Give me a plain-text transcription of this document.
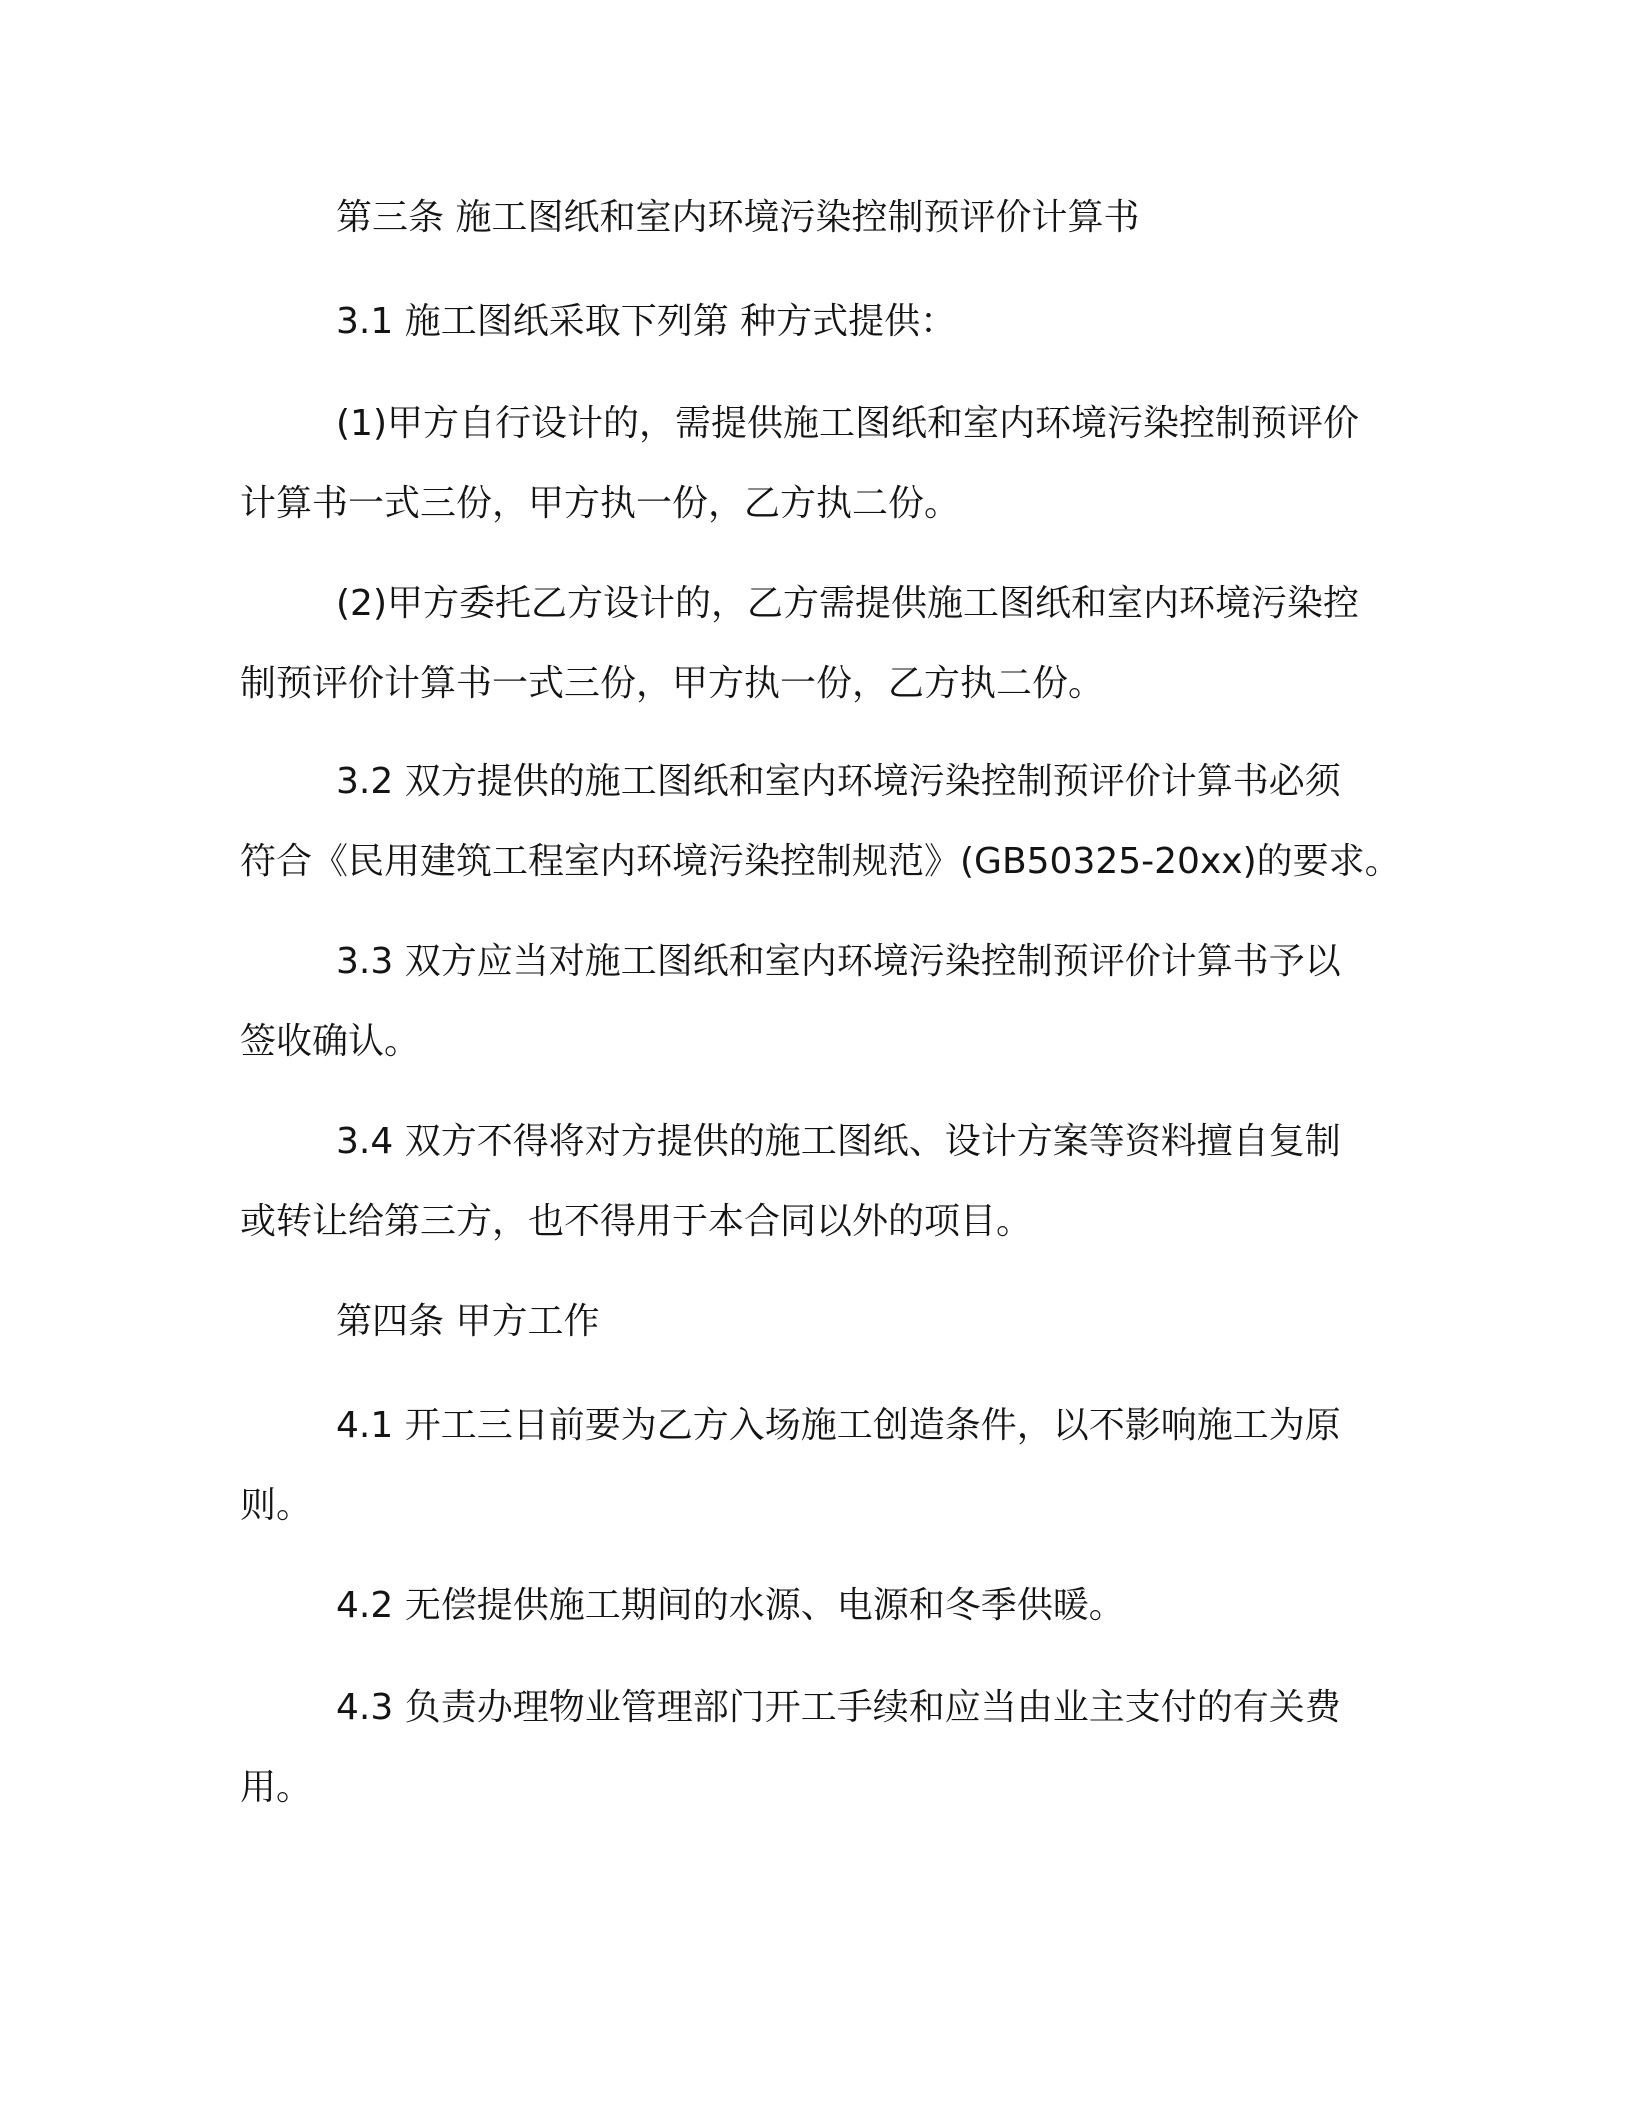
第三条 施工图纸和室内环境污染控制预评价计算书

3.1 施工图纸采取下列第 种方式提供：

(1)甲方自行设计的，需提供施工图纸和室内环境污染控制预评价
计算书一式三份，甲方执一份，乙方执二份。

(2)甲方委托乙方设计的，乙方需提供施工图纸和室内环境污染控
制预评价计算书一式三份，甲方执一份，乙方执二份。

3.2 双方提供的施工图纸和室内环境污染控制预评价计算书必须
符合《民用建筑工程室内环境污染控制规范》(GB50325-20xx)的要求。

3.3 双方应当对施工图纸和室内环境污染控制预评价计算书予以
签收确认。

3.4 双方不得将对方提供的施工图纸、设计方案等资料擅自复制
或转让给第三方，也不得用于本合同以外的项目。

第四条 甲方工作

4.1 开工三日前要为乙方入场施工创造条件，以不影响施工为原
则。

4.2 无偿提供施工期间的水源、电源和冬季供暖。

4.3 负责办理物业管理部门开工手续和应当由业主支付的有关费
用。
